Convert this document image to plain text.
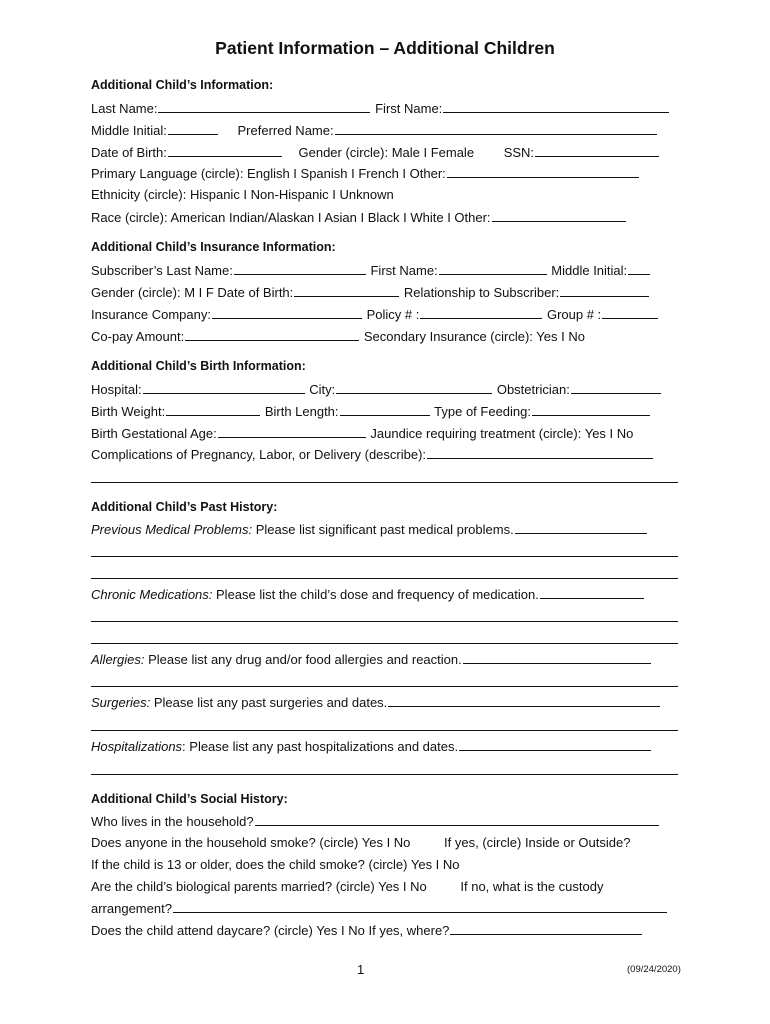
Patient Information – Additional Children
Additional Child’s Information:
Last Name:	First Name:
Middle Initial:	Preferred Name:
Date of Birth:	Gender (circle): Male I Female SSN:
Primary Language (circle): English I Spanish I French I Other:
Ethnicity (circle): Hispanic I Non-Hispanic I Unknown
Race (circle): American Indian/Alaskan I Asian I Black I White I Other:
Additional Child’s Insurance Information:
Subscriber’s Last Name:	First Name:	Middle Initial:
Gender (circle): M I F Date of Birth:	Relationship to Subscriber:
Insurance Company:	Policy # :	Group # :
Co-pay Amount:	Secondary Insurance (circle): Yes I No
Additional Child’s Birth Information:
Hospital:	City:	Obstetrician:
Birth Weight:	Birth Length:	Type of Feeding:
Birth Gestational Age:	Jaundice requiring treatment (circle): Yes I No
Complications of Pregnancy, Labor, or Delivery (describe):
Additional Child’s Past History:
Previous Medical Problems: Please list significant past medical problems.
Chronic Medications: Please list the child’s dose and frequency of medication.
Allergies: Please list any drug and/or food allergies and reaction.
Surgeries: Please list any past surgeries and dates.
Hospitalizations: Please list any past hospitalizations and dates.
Additional Child’s Social History:
Who lives in the household?
Does anyone in the household smoke? (circle) Yes I No	If yes, (circle) Inside or Outside?
If the child is 13 or older, does the child smoke? (circle) Yes I No
Are the child’s biological parents married? (circle) Yes I No	If no, what is the custody
arrangement?
Does the child attend daycare? (circle) Yes I No If yes, where?
1	(09/24/2020)
